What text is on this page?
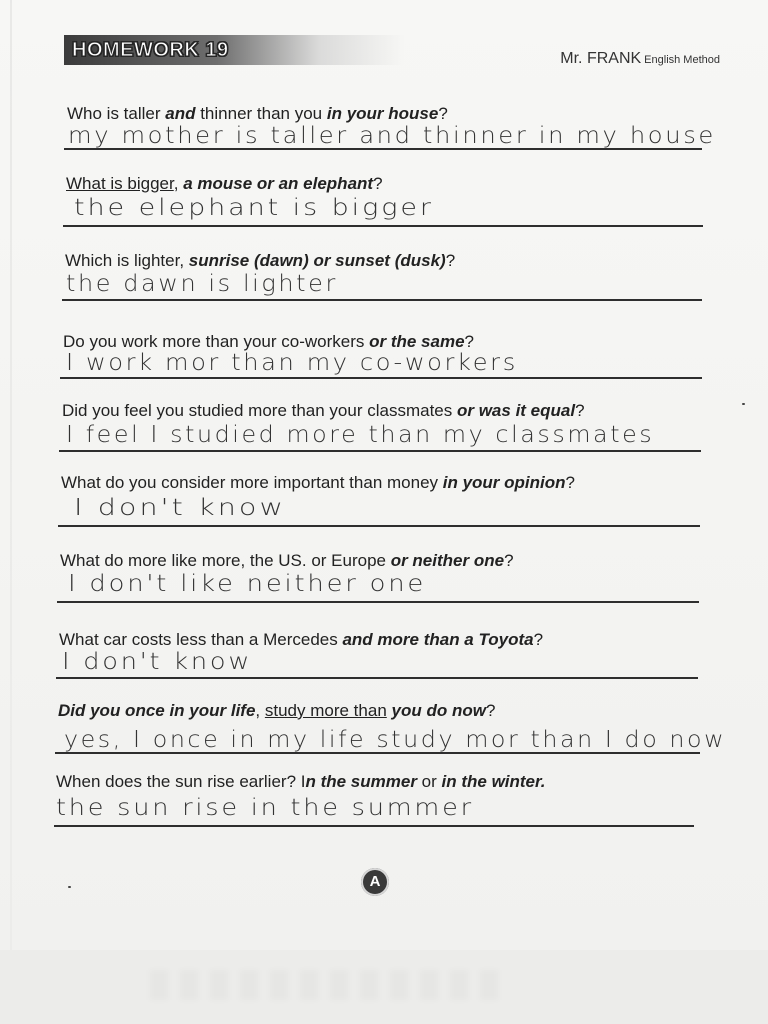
HOMEWORK 19	Mr. FRANK English Method
Who is taller and thinner than you in your house?
my mother is taller and thinner in my house
What is bigger, a mouse or an elephant?
the elephant is bigger
Which is lighter, sunrise (dawn) or sunset (dusk)?
the dawn is lighter
Do you work more than your co-workers or the same?
I work mor than my co-workers
Did you feel you studied more than your classmates or was it equal?
I feel I studied more than my classmates
What do you consider more important than money in your opinion?
I don't know
What do more like more, the US. or Europe or neither one?
I don't like neither one
What car costs less than a Mercedes and more than a Toyota?
I don't know
Did you once in your life, study more than you do now?
yes, I once in my life study mor than I do now
When does the sun rise earlier? In the summer or in the winter.
the sun rise in the summer
A
